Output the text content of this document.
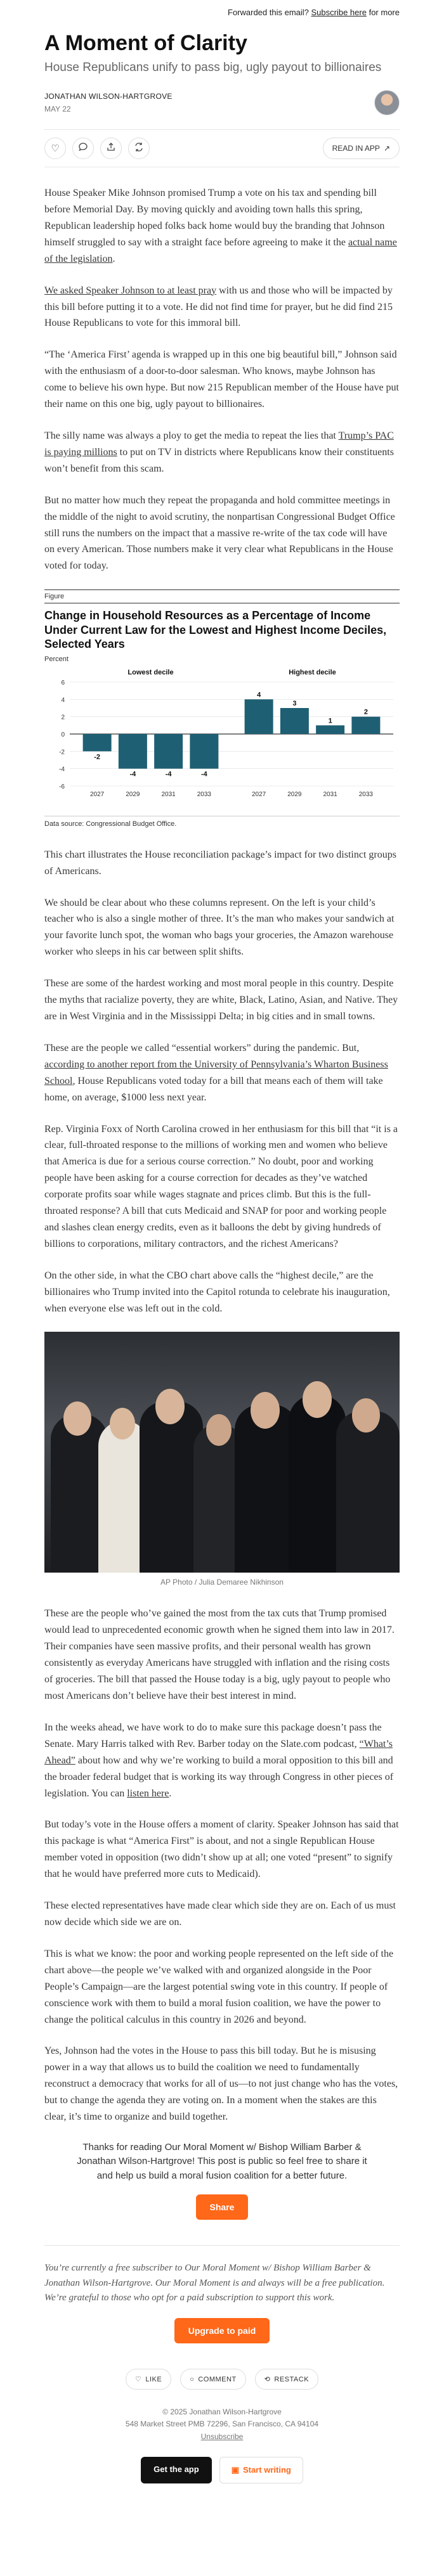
Forwarded this email? Subscribe here for more
A Moment of Clarity
House Republicans unify to pass big, ugly payout to billionaires
JONATHAN WILSON-HARTGROVE
MAY 22
♡	READ IN APP ↗

House Speaker Mike Johnson promised Trump a vote on his tax and spending bill before Memorial Day. By moving quickly and avoiding town halls this spring, Republican leadership hoped folks back home would buy the branding that Johnson himself struggled to say with a straight face before agreeing to make it the actual name of the legislation.

We asked Speaker Johnson to at least pray with us and those who will be impacted by this bill before putting it to a vote. He did not find time for prayer, but he did find 215 House Republicans to vote for this immoral bill.

“The ‘America First’ agenda is wrapped up in this one big beautiful bill,” Johnson said with the enthusiasm of a door-to-door salesman. Who knows, maybe Johnson has come to believe his own hype. But now 215 Republican member of the House have put their name on this one big, ugly payout to billionaires.

The silly name was always a ploy to get the media to repeat the lies that Trump’s PAC is paying millions to put on TV in districts where Republicans know their constituents won’t benefit from this scam.

But no matter how much they repeat the propaganda and hold committee meetings in the middle of the night to avoid scrutiny, the nonpartisan Congressional Budget Office still runs the numbers on the impact that a massive re-write of the tax code will have on every American. Those numbers make it very clear what Republicans in the House voted for today.

Figure
Change in Household Resources as a Percentage of Income Under Current Law for the Lowest and Highest Income Deciles, Selected Years
Percent
-6
-4
-2
0
2
4
6
Lowest decile
-2
2027
-4
2029
-4
2031
-4
2033
Highest decile
4
2027
3
2029
1
2031
2
2033
Data source: Congressional Budget Office.

This chart illustrates the House reconciliation package’s impact for two distinct groups of Americans.

We should be clear about who these columns represent. On the left is your child’s teacher who is also a single mother of three. It’s the man who makes your sandwich at your favorite lunch spot, the woman who bags your groceries, the Amazon warehouse worker who sleeps in his car between split shifts.

These are some of the hardest working and most moral people in this country. Despite the myths that racialize poverty, they are white, Black, Latino, Asian, and Native. They are in West Virginia and in the Mississippi Delta; in big cities and in small towns.

These are the people we called “essential workers” during the pandemic. But, according to another report from the University of Pennsylvania’s Wharton Business School, House Republicans voted today for a bill that means each of them will take home, on average, $1000 less next year.

Rep. Virginia Foxx of North Carolina crowed in her enthusiasm for this bill that “it is a clear, full-throated response to the millions of working men and women who believe that America is due for a serious course correction.” No doubt, poor and working people have been asking for a course correction for decades as they’ve watched corporate profits soar while wages stagnate and prices climb. But this is the full-throated response? A bill that cuts Medicaid and SNAP for poor and working people and slashes clean energy credits, even as it balloons the debt by giving hundreds of billions to corporations, military contractors, and the richest Americans?

On the other side, in what the CBO chart above calls the “highest decile,” are the billionaires who Trump invited into the Capitol rotunda to celebrate his inauguration, when everyone else was left out in the cold.

AP Photo / Julia Demaree Nikhinson

These are the people who’ve gained the most from the tax cuts that Trump promised would lead to unprecedented economic growth when he signed them into law in 2017. Their companies have seen massive profits, and their personal wealth has grown consistently as everyday Americans have struggled with inflation and the rising costs of groceries. The bill that passed the House today is a big, ugly payout to people who most Americans don’t believe have their best interest in mind.

In the weeks ahead, we have work to do to make sure this package doesn’t pass the Senate. Mary Harris talked with Rev. Barber today on the Slate.com podcast, “What’s Ahead” about how and why we’re working to build a moral opposition to this bill and the broader federal budget that is working its way through Congress in other pieces of legislation. You can listen here.

But today’s vote in the House offers a moment of clarity. Speaker Johnson has said that this package is what “America First” is about, and not a single Republican House member voted in opposition (two didn’t show up at all; one voted “present” to signify that he would have preferred more cuts to Medicaid).

These elected representatives have made clear which side they are on. Each of us must now decide which side we are on.

This is what we know: the poor and working people represented on the left side of the chart above—the people we’ve walked with and organized alongside in the Poor People’s Campaign—are the largest potential swing vote in this country. If people of conscience work with them to build a moral fusion coalition, we have the power to change the political calculus in this country in 2026 and beyond.

Yes, Johnson had the votes in the House to pass this bill today. But he is misusing power in a way that allows us to build the coalition we need to fundamentally reconstruct a democracy that works for all of us—to not just change who has the votes, but to change the agenda they are voting on. In a moment when the stakes are this clear, it’s time to organize and build together.

Thanks for reading Our Moral Moment w/ Bishop William Barber & Jonathan Wilson-Hartgrove! This post is public so feel free to share it and help us build a moral fusion coalition for a better future.
Share

You’re currently a free subscriber to Our Moral Moment w/ Bishop William Barber & Jonathan Wilson-Hartgrove. Our Moral Moment is and always will be a free publication. We’re grateful to those who opt for a paid subscription to support this work.

Upgrade to paid
♡ LIKE	○ COMMENT	⟲ RESTACK
© 2025 Jonathan Wilson-Hartgrove
548 Market Street PMB 72296, San Francisco, CA 94104
Unsubscribe
Get the app	▣ Start writing
